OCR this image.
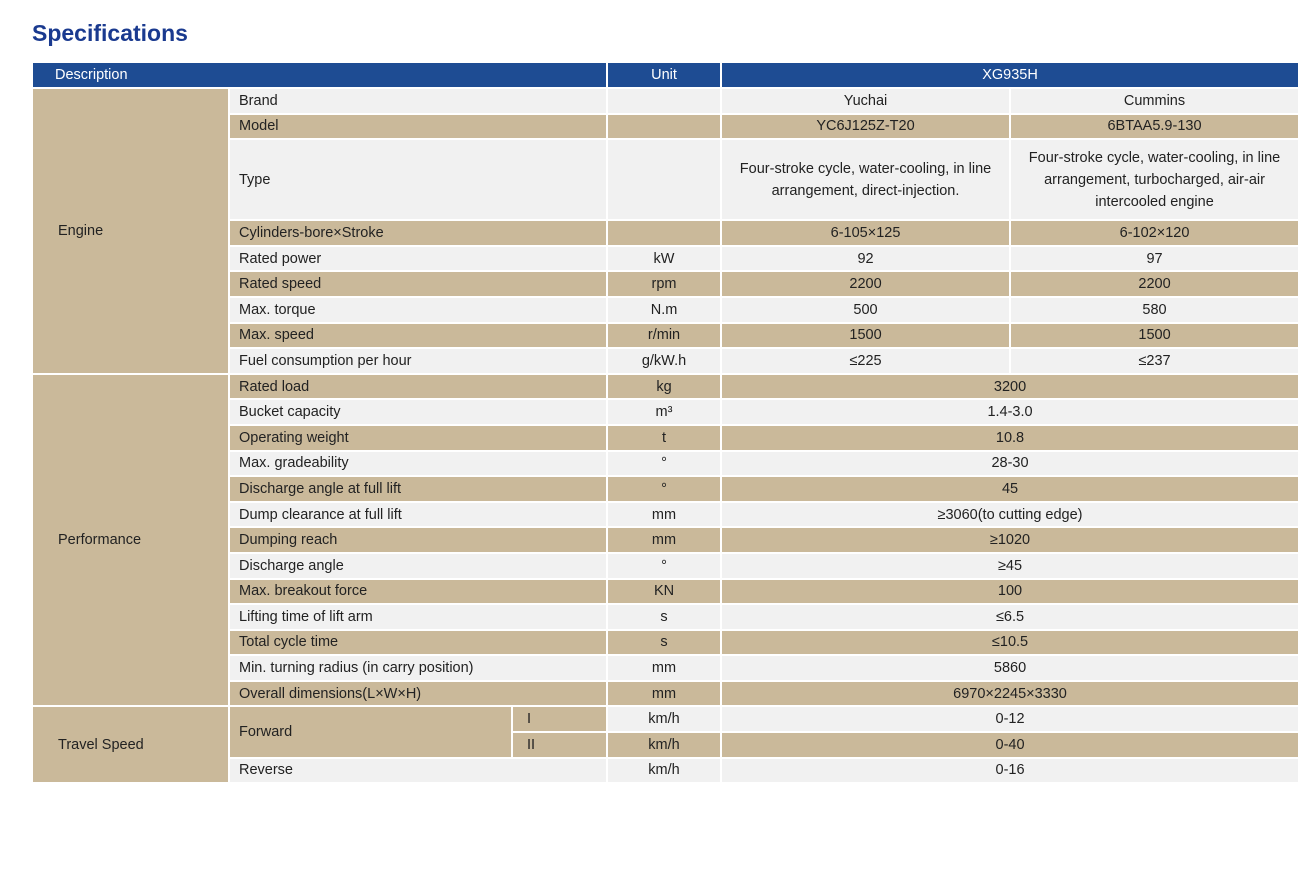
Specifications
Description			Unit	XG935H	
Engine	Brand			Yuchai	Cummins
	Model			YC6J125Z-T20	6BTAA5.9-130
	Type			Four-stroke cycle, water-cooling, in line arrangement, direct-injection.	Four-stroke cycle, water-cooling, in line arrangement, turbocharged, air-air intercooled engine
	Cylinders-bore×Stroke			6-105×125	6-102×120
	Rated power		kW	92	97
	Rated speed		rpm	2200	2200
	Max. torque		N.m	500	580
	Max. speed		r/min	1500	1500
	Fuel consumption per hour		g/kW.h	≤225	≤237
Performance	Rated load		kg	3200	
	Bucket capacity		m³	1.4-3.0	
	Operating weight		t	10.8	
	Max. gradeability		°	28-30	
	Discharge angle at full lift		°	45	
	Dump clearance at full lift		mm	≥3060(to cutting edge)	
	Dumping reach		mm	≥1020	
	Discharge angle		°	≥45	
	Max. breakout force		KN	100	
	Lifting time of lift arm		s	≤6.5	
	Total cycle time		s	≤10.5	
	Min. turning radius (in carry position)		mm	5860	
	Overall dimensions(L×W×H)		mm	6970×2245×3330	
Travel Speed	Forward	I	km/h	0-12	
		II	km/h	0-40	
	Reverse		km/h	0-16	
